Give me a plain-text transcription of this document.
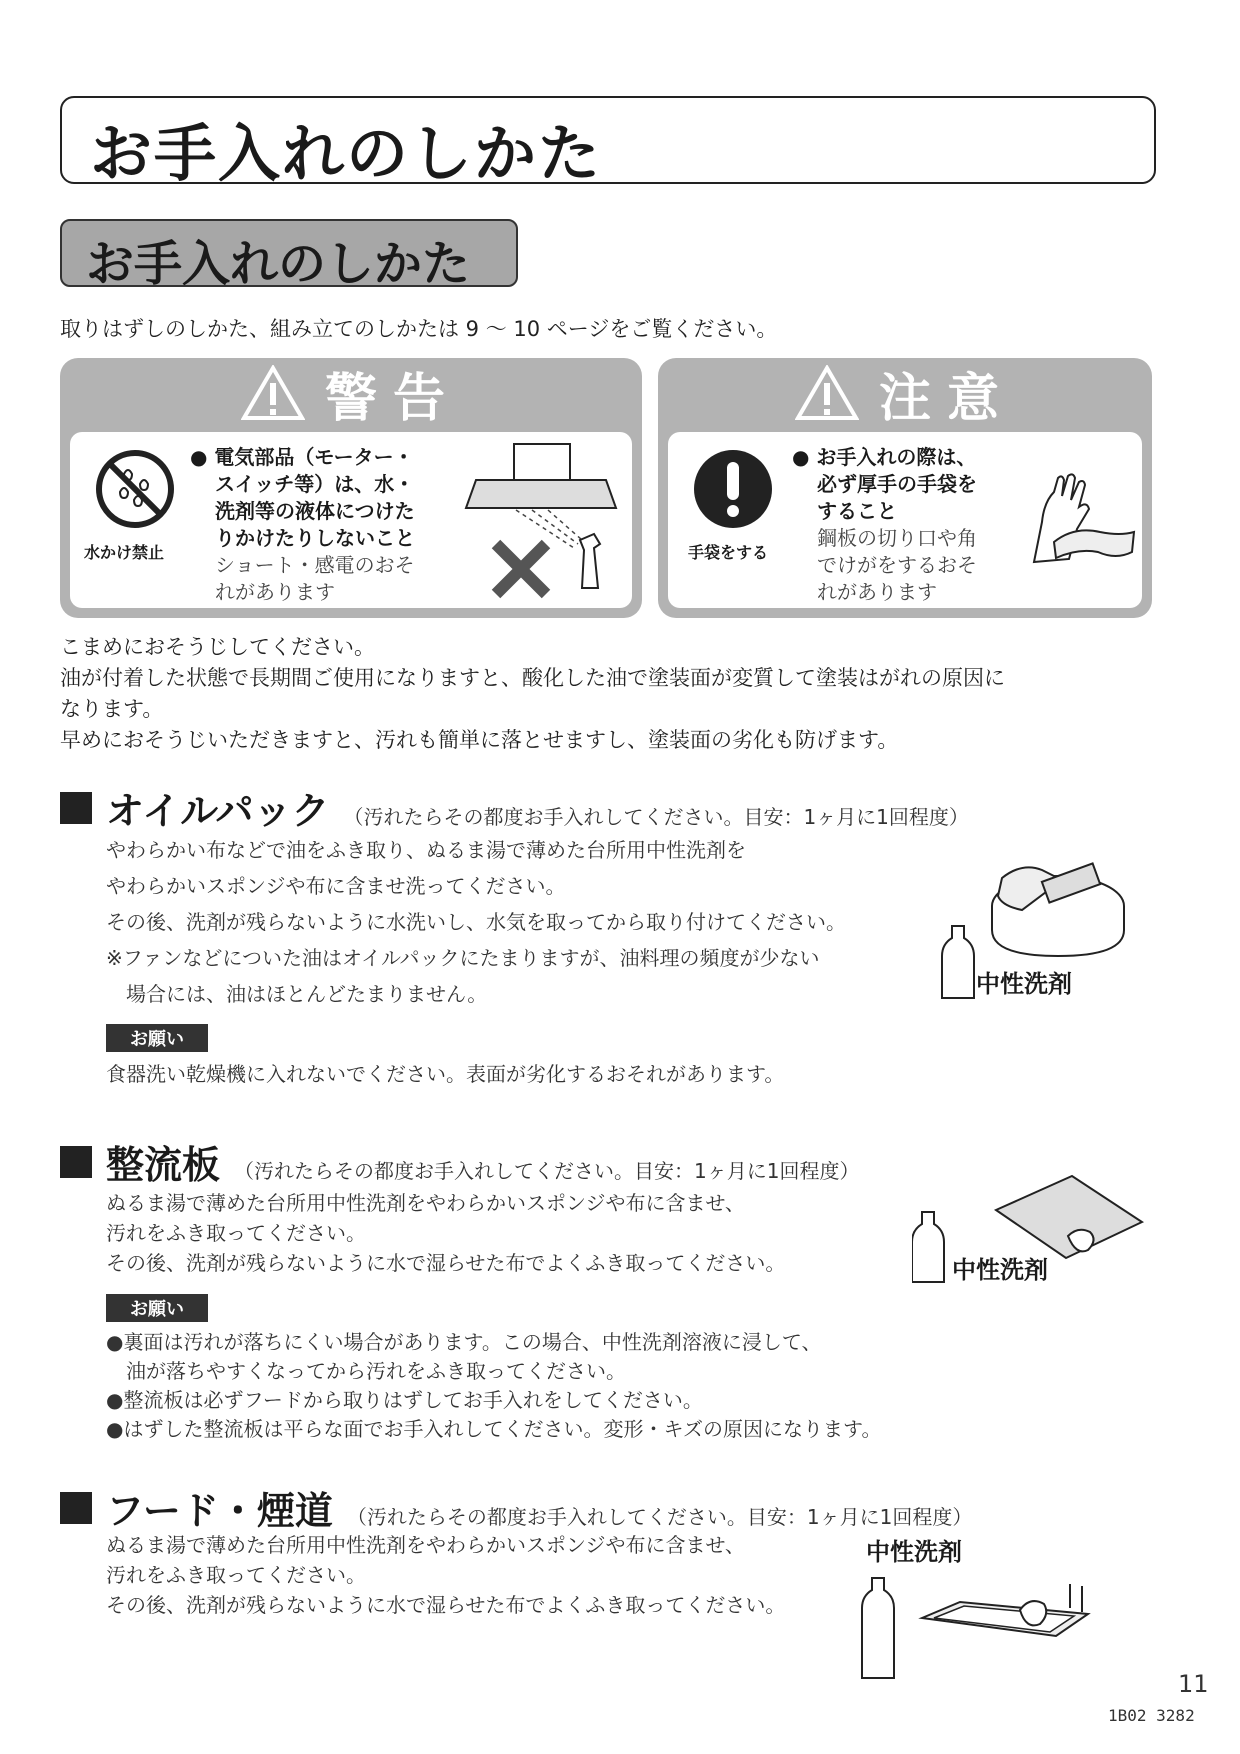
お手入れのしかた
お手入れのしかた
取りはずしのしかた、組み立てのしかたは 9 ～ 10 ページをご覧ください。
警告
水かけ禁止
● 電気部品（モーター・
スイッチ等）は、水・
洗剤等の液体につけた
りかけたりしないこと
ショート・感電のおそ
れがあります
注意
手袋をする
● お手入れの際は、
必ず厚手の手袋を
すること
鋼板の切り口や角
でけがをするおそ
れがあります
こまめにおそうじしてください。
油が付着した状態で長期間ご使用になりますと、酸化した油で塗装面が変質して塗装はがれの原因に
なります。
早めにおそうじいただきますと、汚れも簡単に落とせますし、塗装面の劣化も防げます。
オイルパック （汚れたらその都度お手入れしてください。目安：1ヶ月に1回程度）
やわらかい布などで油をふき取り、ぬるま湯で薄めた台所用中性洗剤を
やわらかいスポンジや布に含ませ洗ってください。
その後、洗剤が残らないように水洗いし、水気を取ってから取り付けてください。
※ファンなどについた油はオイルパックにたまりますが、油料理の頻度が少ない
　場合には、油はほとんどたまりません。	中性洗剤
お願い
食器洗い乾燥機に入れないでください。表面が劣化するおそれがあります。
整流板 （汚れたらその都度お手入れしてください。目安：1ヶ月に1回程度）
ぬるま湯で薄めた台所用中性洗剤をやわらかいスポンジや布に含ませ、
汚れをふき取ってください。
その後、洗剤が残らないように水で湿らせた布でよくふき取ってください。	中性洗剤
お願い
●裏面は汚れが落ちにくい場合があります。この場合、中性洗剤溶液に浸して、
　油が落ちやすくなってから汚れをふき取ってください。
●整流板は必ずフードから取りはずしてお手入れをしてください。
●はずした整流板は平らな面でお手入れしてください。変形・キズの原因になります。
フード・煙道 （汚れたらその都度お手入れしてください。目安：1ヶ月に1回程度）
ぬるま湯で薄めた台所用中性洗剤をやわらかいスポンジや布に含ませ、
汚れをふき取ってください。
その後、洗剤が残らないように水で湿らせた布でよくふき取ってください。
中性洗剤
11
1B02 3282
